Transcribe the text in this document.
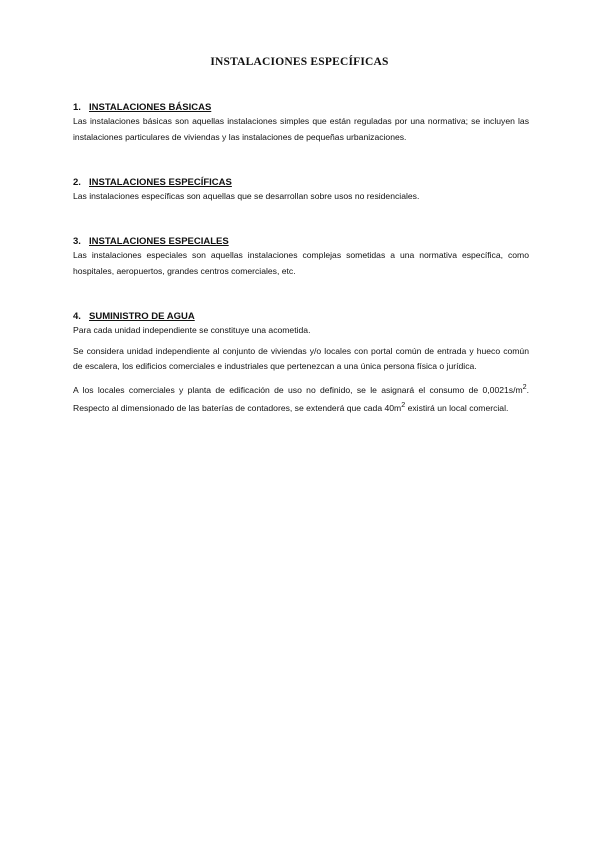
INSTALACIONES ESPECÍFICAS
1. INSTALACIONES BÁSICAS

Las instalaciones básicas son aquellas instalaciones simples que están reguladas por una normativa; se incluyen las instalaciones particulares de viviendas y las instalaciones de pequeñas urbanizaciones.

2. INSTALACIONES ESPECÍFICAS

Las instalaciones específicas son aquellas que se desarrollan sobre usos no residenciales.

3. INSTALACIONES ESPECIALES

Las instalaciones especiales son aquellas instalaciones complejas sometidas a una normativa específica, como hospitales, aeropuertos, grandes centros comerciales, etc.

4. SUMINISTRO DE AGUA

Para cada unidad independiente se constituye una acometida.

Se considera unidad independiente al conjunto de viviendas y/o locales con portal común de entrada y hueco común de escalera, los edificios comerciales e industriales que pertenezcan a una única persona física o jurídica.

A los locales comerciales y planta de edificación de uso no definido, se le asignará el consumo de $0,0021s/m^2$. Respecto al dimensionado de las baterías de contadores, se extenderá que cada $40m^2$ existirá un local comercial.
